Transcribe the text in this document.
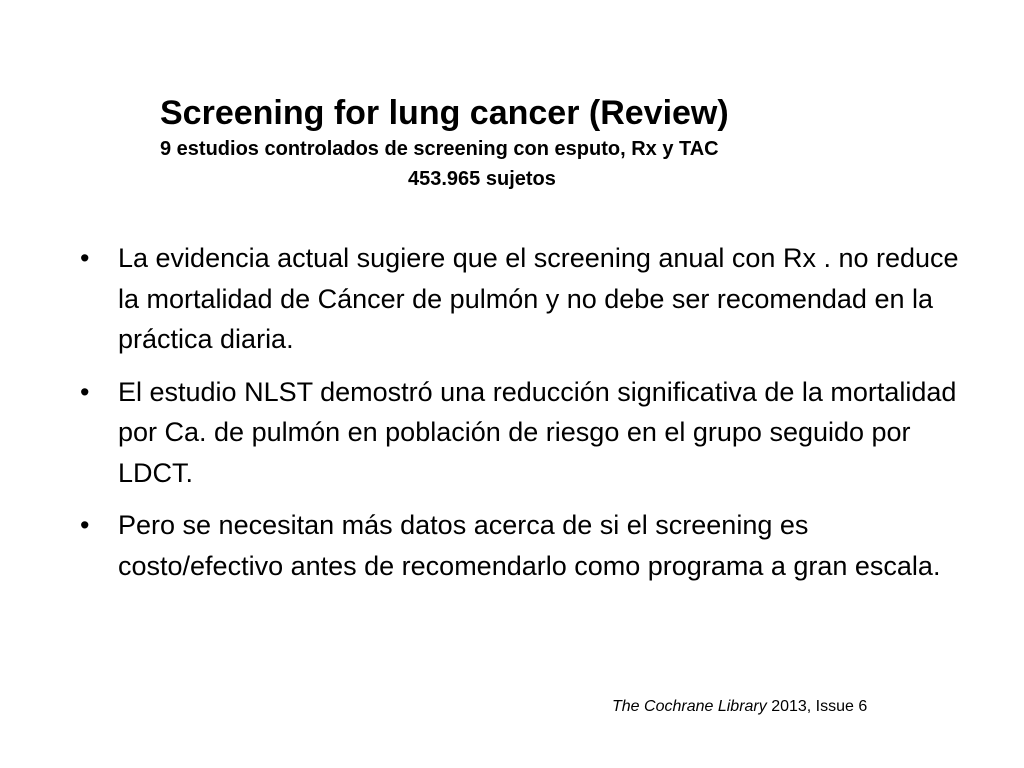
Screening for lung cancer (Review)

9 estudios controlados de screening con esputo, Rx y TAC

453.965 sujetos

• La evidencia actual sugiere que el screening anual con Rx . no reduce la mortalidad de Cáncer de pulmón y no debe ser recomendad en la práctica diaria.
• El estudio NLST demostró una reducción significativa de la mortalidad por Ca. de pulmón en población de riesgo en el grupo seguido por LDCT.
• Pero se necesitan más datos acerca de si el screening es costo/efectivo antes de recomendarlo como programa a gran escala.
The Cochrane Library 2013, Issue 6
